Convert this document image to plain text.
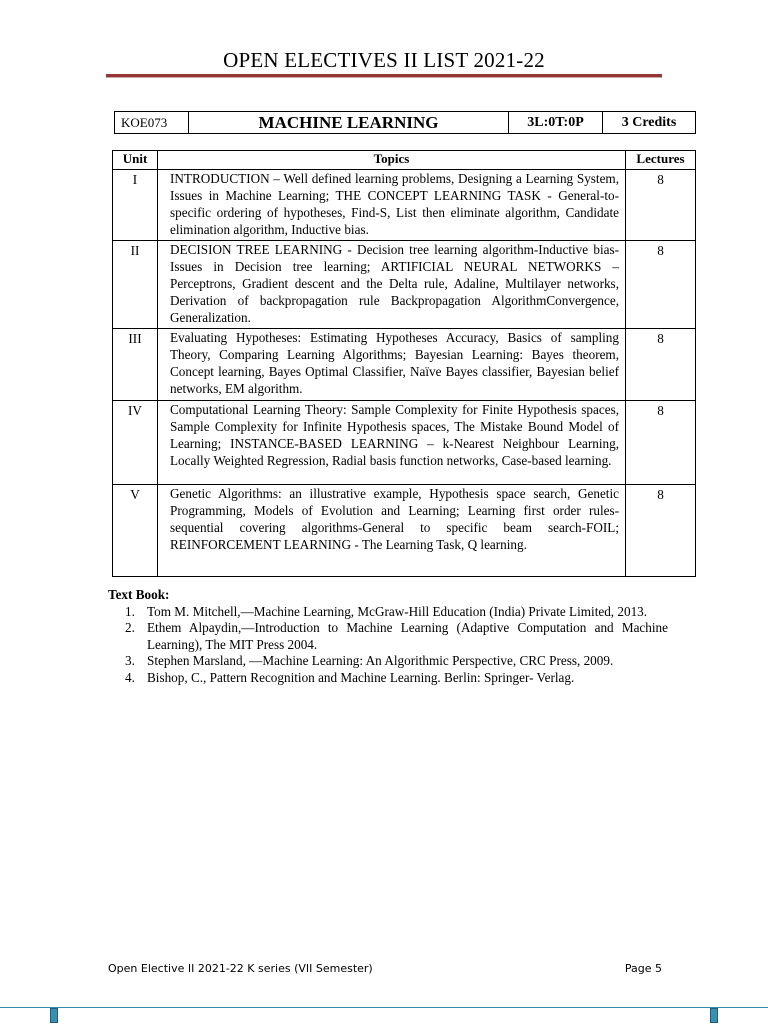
OPEN ELECTIVES II LIST 2021-22
KOE073	MACHINE LEARNING	3L:0T:0P	3 Credits
Unit	Topics	Lectures
I	INTRODUCTION – Well defined learning problems, Designing a Learning System, Issues in Machine Learning; THE CONCEPT LEARNING TASK - General-to-specific ordering of hypotheses, Find-S, List then eliminate algorithm, Candidate elimination algorithm, Inductive bias.	8
II	DECISION TREE LEARNING - Decision tree learning algorithm-Inductive bias- Issues in Decision tree learning; ARTIFICIAL NEURAL NETWORKS – Perceptrons, Gradient descent and the Delta rule, Adaline, Multilayer networks, Derivation of backpropagation rule Backpropagation AlgorithmConvergence, Generalization.	8
III	Evaluating Hypotheses: Estimating Hypotheses Accuracy, Basics of sampling Theory, Comparing Learning Algorithms; Bayesian Learning: Bayes theorem, Concept learning, Bayes Optimal Classifier, Naïve Bayes classifier, Bayesian belief networks, EM algorithm.	8
IV	Computational Learning Theory: Sample Complexity for Finite Hypothesis spaces, Sample Complexity for Infinite Hypothesis spaces, The Mistake Bound Model of Learning; INSTANCE-BASED LEARNING – k-Nearest Neighbour Learning, Locally Weighted Regression, Radial basis function networks, Case-based learning.	8
V	Genetic Algorithms: an illustrative example, Hypothesis space search, Genetic Programming, Models of Evolution and Learning; Learning first order rules- sequential covering algorithms-General to specific beam search-FOIL; REINFORCEMENT LEARNING - The Learning Task, Q learning.	8
Text Book:
1. Tom M. Mitchell,―Machine Learning, McGraw-Hill Education (India) Private Limited, 2013.
2. Ethem Alpaydin,―Introduction to Machine Learning (Adaptive Computation and Machine Learning), The MIT Press 2004.
3. Stephen Marsland, ―Machine Learning: An Algorithmic Perspective, CRC Press, 2009.
4. Bishop, C., Pattern Recognition and Machine Learning. Berlin: Springer- Verlag.
Open Elective II 2021-22 K series (VII Semester)	Page 5
